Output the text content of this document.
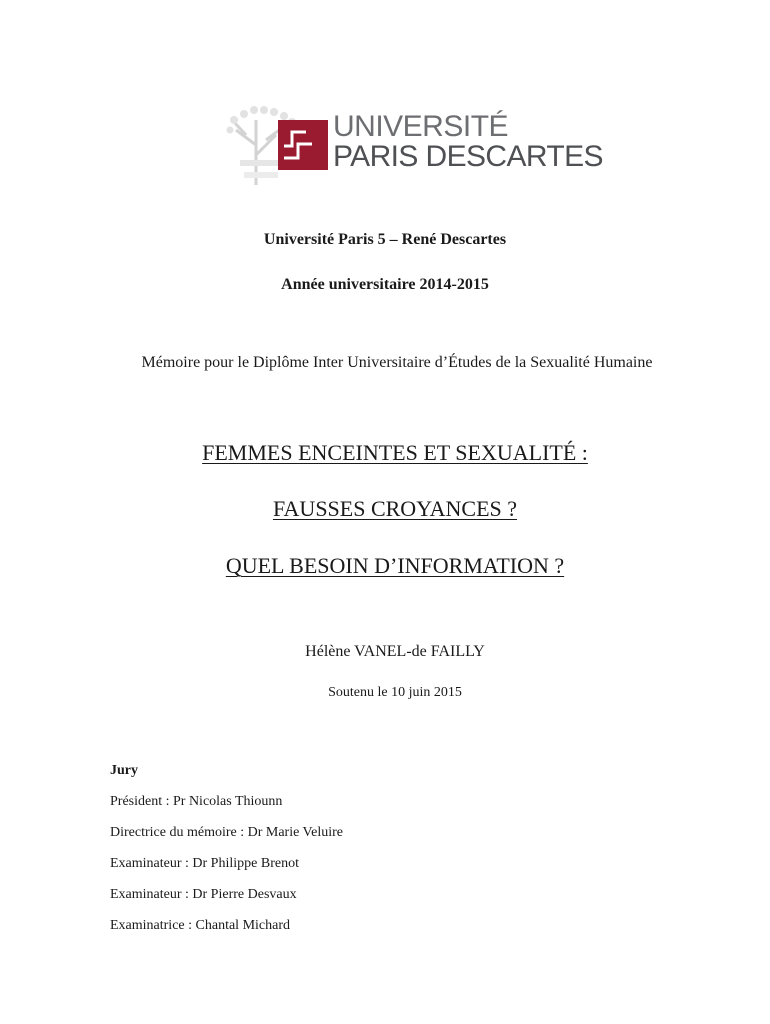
UNIVERSITÉ
PARIS DESCARTES
Université Paris 5 – René Descartes
Année universitaire 2014-2015
Mémoire pour le Diplôme Inter Universitaire d’Études de la Sexualité Humaine
FEMMES ENCEINTES ET SEXUALITÉ :
FAUSSES CROYANCES ?
QUEL BESOIN D’INFORMATION ?
Hélène VANEL-de FAILLY
Soutenu le 10 juin 2015
Jury
Président : Pr Nicolas Thiounn
Directrice du mémoire : Dr Marie Veluire
Examinateur : Dr Philippe Brenot
Examinateur : Dr Pierre Desvaux
Examinatrice : Chantal Michard
